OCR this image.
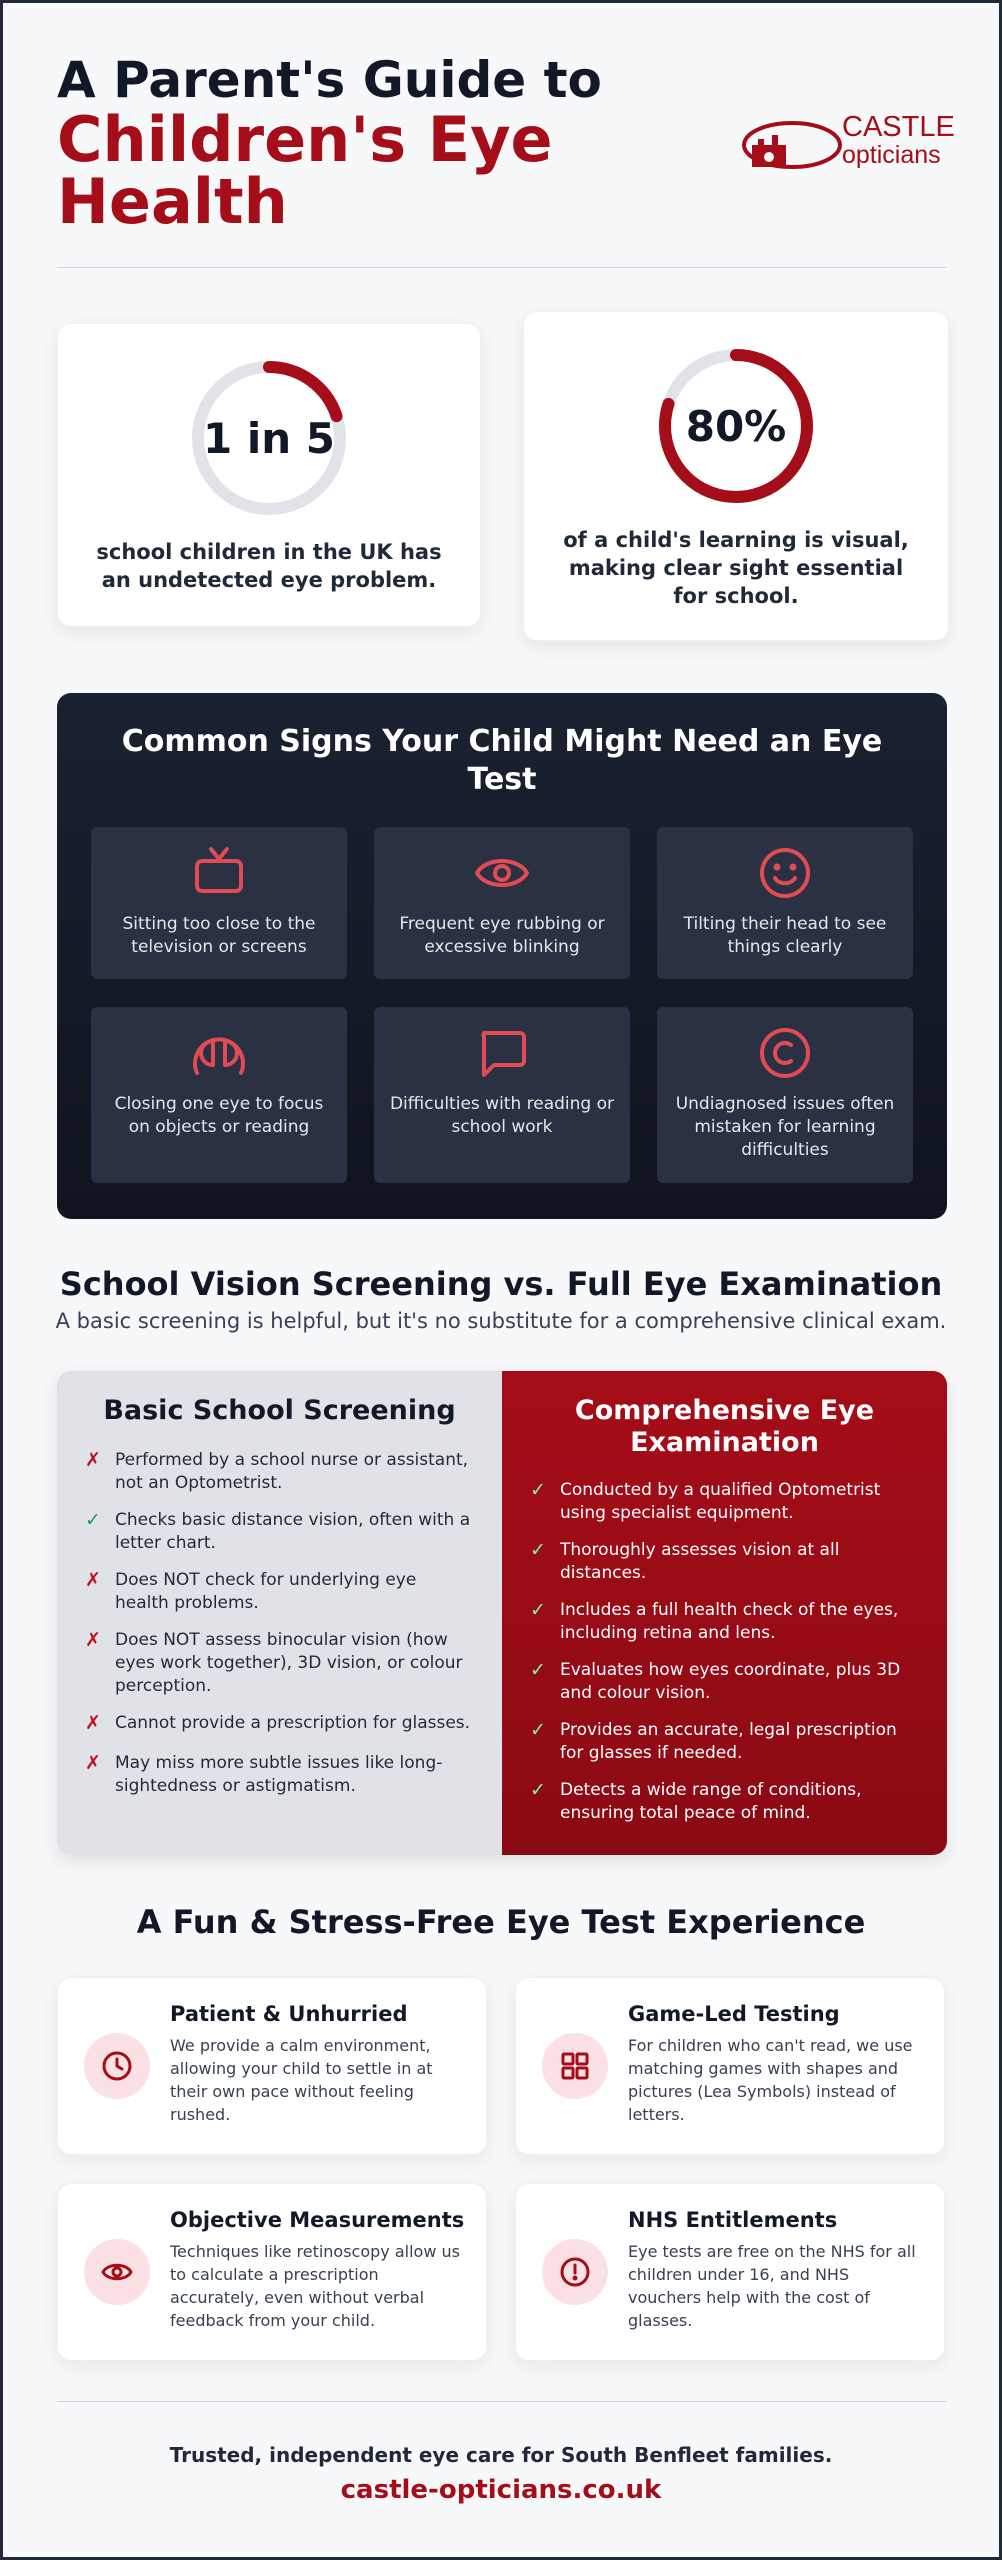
A Parent's Guide to
Children's Eye Health
CASTLE
opticians
1 in 5
school children in the UK has an undetected eye problem.
80%
of a child's learning is visual, making clear sight essential for school.
Common Signs Your Child Might Need an Eye Test
Sitting too close to the television or screens
Frequent eye rubbing or excessive blinking
Tilting their head to see things clearly
Closing one eye to focus on objects or reading
Difficulties with reading or school work
Undiagnosed issues often mistaken for learning difficulties
School Vision Screening vs. Full Eye Examination
A basic screening is helpful, but it's no substitute for a comprehensive clinical exam.
Basic School Screening
✗ Performed by a school nurse or assistant, not an Optometrist.
✓ Checks basic distance vision, often with a letter chart.
✗ Does NOT check for underlying eye health problems.
✗ Does NOT assess binocular vision (how eyes work together), 3D vision, or colour perception.
✗ Cannot provide a prescription for glasses.
✗ May miss more subtle issues like long-sightedness or astigmatism.
Comprehensive Eye Examination
✓ Conducted by a qualified Optometrist using specialist equipment.
✓ Thoroughly assesses vision at all distances.
✓ Includes a full health check of the eyes, including retina and lens.
✓ Evaluates how eyes coordinate, plus 3D and colour vision.
✓ Provides an accurate, legal prescription for glasses if needed.
✓ Detects a wide range of conditions, ensuring total peace of mind.
A Fun & Stress-Free Eye Test Experience
Patient & Unhurried
We provide a calm environment, allowing your child to settle in at their own pace without feeling rushed.
Game-Led Testing
For children who can't read, we use matching games with shapes and pictures (Lea Symbols) instead of letters.
Objective Measurements
Techniques like retinoscopy allow us to calculate a prescription accurately, even without verbal feedback from your child.
NHS Entitlements
Eye tests are free on the NHS for all children under 16, and NHS vouchers help with the cost of glasses.
Trusted, independent eye care for South Benfleet families.
castle-opticians.co.uk
